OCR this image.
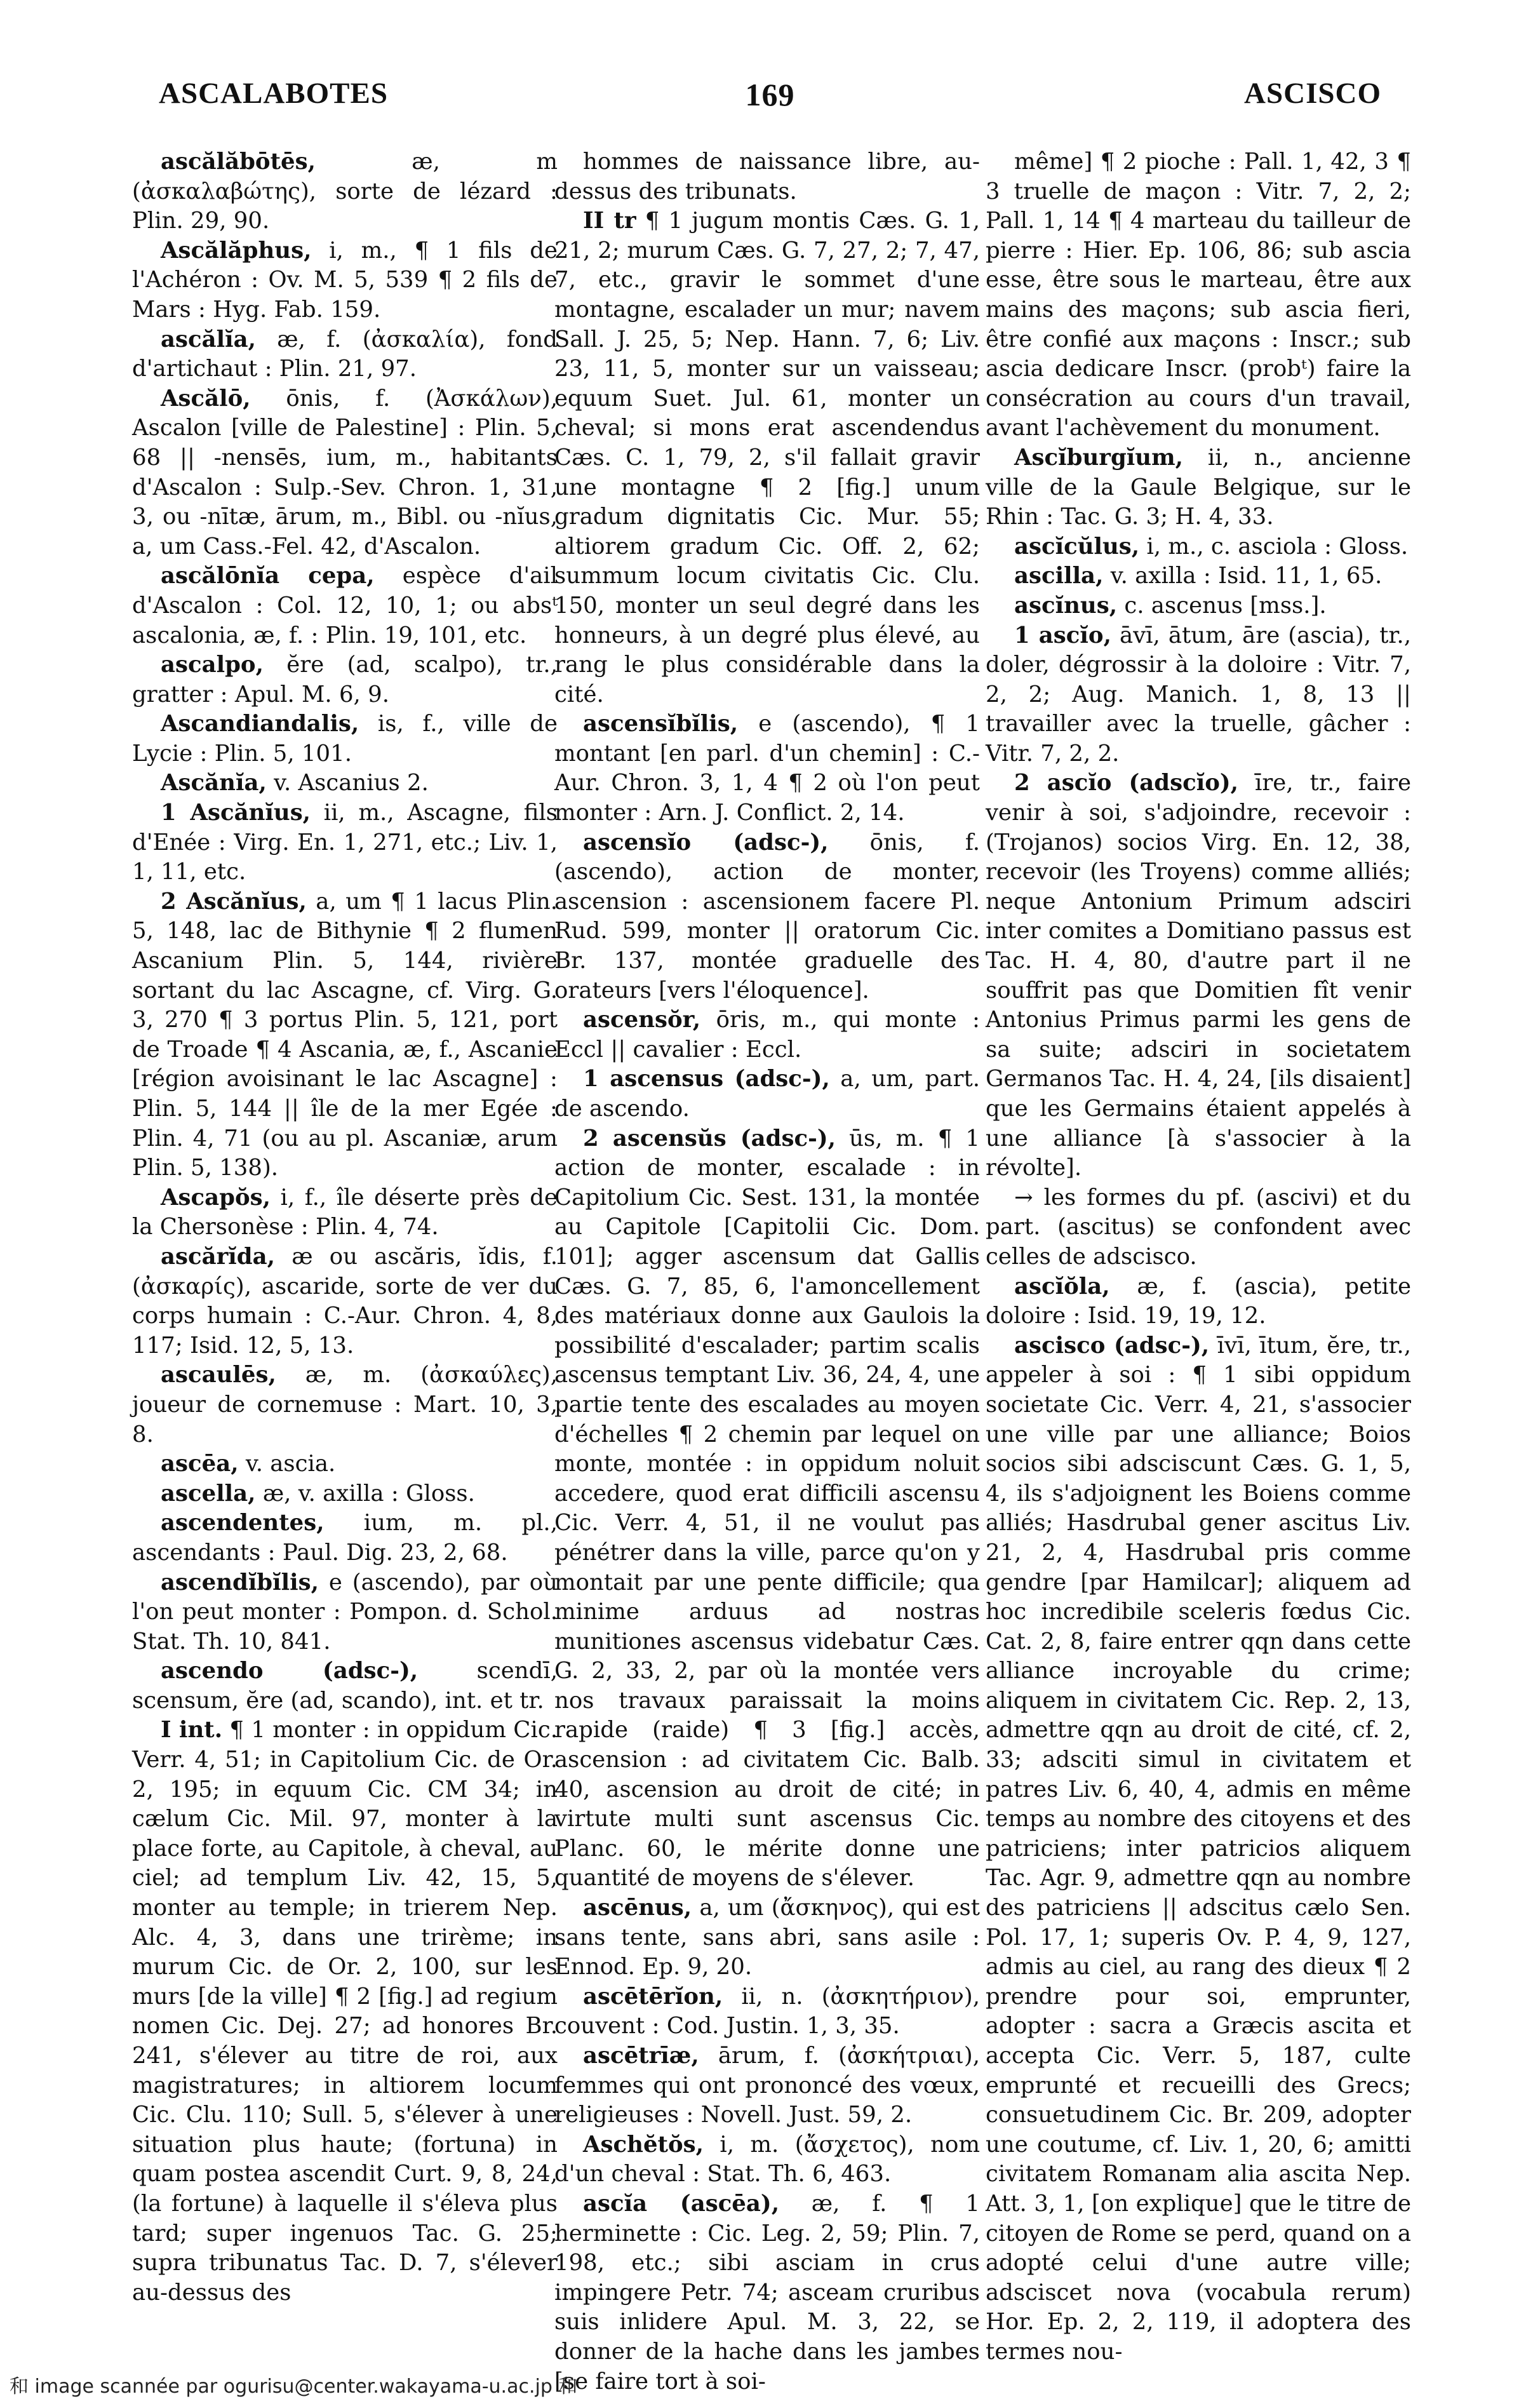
ASCALABOTES	169	ASCISCO

ascălăbōtēs, æ, m (ἀσκαλαβώτης), sorte de lézard : Plin. 29, 90.

Ascălăphus, i, m., ¶ 1 fils de l'Achéron : Ov. M. 5, 539 ¶ 2 fils de Mars : Hyg. Fab. 159.

ascălĭa, æ, f. (ἀσκαλία), fond d'artichaut : Plin. 21, 97.

Ascălō, ōnis, f. (Ἀσκάλων), Ascalon [ville de Palestine] : Plin. 5, 68 || -nensēs, ium, m., habitants d'Ascalon : Sulp.-Sev. Chron. 1, 31, 3, ou -nītæ, ārum, m., Bibl. ou -nĭus, a, um Cass.-Fel. 42, d'Ascalon.

ascălōnĭa cepa, espèce d'ail d'Ascalon : Col. 12, 10, 1; ou absᵗ ascalonia, æ, f. : Plin. 19, 101, etc.

ascalpo, ĕre (ad, scalpo), tr., gratter : Apul. M. 6, 9.

Ascandiandalis, is, f., ville de Lycie : Plin. 5, 101.

Ascănĭa, v. Ascanius 2.

1 Ascănĭus, ii, m., Ascagne, fils d'Enée : Virg. En. 1, 271, etc.; Liv. 1, 1, 11, etc.

2 Ascănĭus, a, um ¶ 1 lacus Plin. 5, 148, lac de Bithynie ¶ 2 flumen Ascanium Plin. 5, 144, rivière sortant du lac Ascagne, cf. Virg. G. 3, 270 ¶ 3 portus Plin. 5, 121, port de Troade ¶ 4 Ascania, æ, f., Ascanie [région avoisinant le lac Ascagne] : Plin. 5, 144 || île de la mer Egée : Plin. 4, 71 (ou au pl. Ascaniæ, arum Plin. 5, 138).

Ascapŏs, i, f., île déserte près de la Chersonèse : Plin. 4, 74.

ascărĭda, æ ou ascăris, ĭdis, f. (ἀσκαρίς), ascaride, sorte de ver du corps humain : C.-Aur. Chron. 4, 8, 117; Isid. 12, 5, 13.

ascaulēs, æ, m. (ἀσκαύλες), joueur de cornemuse : Mart. 10, 3, 8.

ascēa, v. ascia.

ascella, æ, v. axilla : Gloss.

ascendentes, ium, m. pl., ascendants : Paul. Dig. 23, 2, 68.

ascendĭbĭlis, e (ascendo), par où l'on peut monter : Pompon. d. Schol. Stat. Th. 10, 841.

ascendo (adsc-), scendī, scensum, ĕre (ad, scando), int. et tr.

I int. ¶ 1 monter : in oppidum Cic. Verr. 4, 51; in Capitolium Cic. de Or. 2, 195; in equum Cic. CM 34; in cælum Cic. Mil. 97, monter à la place forte, au Capitole, à cheval, au ciel; ad templum Liv. 42, 15, 5, monter au temple; in trierem Nep. Alc. 4, 3, dans une trirème; in murum Cic. de Or. 2, 100, sur les murs [de la ville] ¶ 2 [fig.] ad regium nomen Cic. Dej. 27; ad honores Br. 241, s'élever au titre de roi, aux magistratures; in altiorem locum Cic. Clu. 110; Sull. 5, s'élever à une situation plus haute; (fortuna) in quam postea ascendit Curt. 9, 8, 24, (la fortune) à laquelle il s'éleva plus tard; super ingenuos Tac. G. 25; supra tribunatus Tac. D. 7, s'élever au-dessus des

hommes de naissance libre, au-dessus des tribunats.

II tr ¶ 1 jugum montis Cæs. G. 1, 21, 2; murum Cæs. G. 7, 27, 2; 7, 47, 7, etc., gravir le sommet d'une montagne, escalader un mur; navem Sall. J. 25, 5; Nep. Hann. 7, 6; Liv. 23, 11, 5, monter sur un vaisseau; equum Suet. Jul. 61, monter un cheval; si mons erat ascendendus Cæs. C. 1, 79, 2, s'il fallait gravir une montagne ¶ 2 [fig.] unum gradum dignitatis Cic. Mur. 55; altiorem gradum Cic. Off. 2, 62; summum locum civitatis Cic. Clu. 150, monter un seul degré dans les honneurs, à un degré plus élevé, au rang le plus considérable dans la cité.

ascensĭbĭlis, e (ascendo), ¶ 1 montant [en parl. d'un chemin] : C.-Aur. Chron. 3, 1, 4 ¶ 2 où l'on peut monter : Arn. J. Conflict. 2, 14.

ascensĭo (adsc-), ōnis, f. (ascendo), action de monter, ascension : ascensionem facere Pl. Rud. 599, monter || oratorum Cic. Br. 137, montée graduelle des orateurs [vers l'éloquence].

ascensŏr, ōris, m., qui monte : Eccl || cavalier : Eccl.

1 ascensus (adsc-), a, um, part. de ascendo.

2 ascensŭs (adsc-), ūs, m. ¶ 1 action de monter, escalade : in Capitolium Cic. Sest. 131, la montée au Capitole [Capitolii Cic. Dom. 101]; agger ascensum dat Gallis Cæs. G. 7, 85, 6, l'amoncellement des matériaux donne aux Gaulois la possibilité d'escalader; partim scalis ascensus temptant Liv. 36, 24, 4, une partie tente des escalades au moyen d'échelles ¶ 2 chemin par lequel on monte, montée : in oppidum noluit accedere, quod erat difficili ascensu Cic. Verr. 4, 51, il ne voulut pas pénétrer dans la ville, parce qu'on y montait par une pente difficile; qua minime arduus ad nostras munitiones ascensus videbatur Cæs. G. 2, 33, 2, par où la montée vers nos travaux paraissait la moins rapide (raide) ¶ 3 [fig.] accès, ascension : ad civitatem Cic. Balb. 40, ascension au droit de cité; in virtute multi sunt ascensus Cic. Planc. 60, le mérite donne une quantité de moyens de s'élever.

ascēnus, a, um (ἄσκηνος), qui est sans tente, sans abri, sans asile : Ennod. Ep. 9, 20.

ascētērĭon, ii, n. (ἀσκητήριον), couvent : Cod. Justin. 1, 3, 35.

ascētrīæ, ārum, f. (ἀσκήτριαι), femmes qui ont prononcé des vœux, religieuses : Novell. Just. 59, 2.

Aschĕtŏs, i, m. (ἄσχετος), nom d'un cheval : Stat. Th. 6, 463.

ascĭa (ascēa), æ, f. ¶ 1 herminette : Cic. Leg. 2, 59; Plin. 7, 198, etc.; sibi asciam in crus impingere Petr. 74; asceam cruribus suis inlidere Apul. M. 3, 22, se donner de la hache dans les jambes [se faire tort à soi-

même] ¶ 2 pioche : Pall. 1, 42, 3 ¶ 3 truelle de maçon : Vitr. 7, 2, 2; Pall. 1, 14 ¶ 4 marteau du tailleur de pierre : Hier. Ep. 106, 86; sub ascia esse, être sous le marteau, être aux mains des maçons; sub ascia fieri, être confié aux maçons : Inscr.; sub ascia dedicare Inscr. (probᵗ) faire la consécration au cours d'un travail, avant l'achèvement du monument.

Ascĭburgĭum, ii, n., ancienne ville de la Gaule Belgique, sur le Rhin : Tac. G. 3; H. 4, 33.

ascĭcŭlus, i, m., c. asciola : Gloss.

ascilla, v. axilla : Isid. 11, 1, 65.

ascĭnus, c. ascenus [mss.].

1 ascĭo, āvī, ātum, āre (ascia), tr., doler, dégrossir à la doloire : Vitr. 7, 2, 2; Aug. Manich. 1, 8, 13 || travailler avec la truelle, gâcher : Vitr. 7, 2, 2.

2 ascĭo (adscĭo), īre, tr., faire venir à soi, s'adjoindre, recevoir : (Trojanos) socios Virg. En. 12, 38, recevoir (les Troyens) comme alliés; neque Antonium Primum adsciri inter comites a Domitiano passus est Tac. H. 4, 80, d'autre part il ne souffrit pas que Domitien fît venir Antonius Primus parmi les gens de sa suite; adsciri in societatem Germanos Tac. H. 4, 24, [ils disaient] que les Germains étaient appelés à une alliance [à s'associer à la révolte].

→ les formes du pf. (ascivi) et du part. (ascitus) se confondent avec celles de adscisco.

ascĭŏla, æ, f. (ascia), petite doloire : Isid. 19, 19, 12.

ascisco (adsc-), īvī, ītum, ĕre, tr., appeler à soi : ¶ 1 sibi oppidum societate Cic. Verr. 4, 21, s'associer une ville par une alliance; Boios socios sibi adsciscunt Cæs. G. 1, 5, 4, ils s'adjoignent les Boiens comme alliés; Hasdrubal gener ascitus Liv. 21, 2, 4, Hasdrubal pris comme gendre [par Hamilcar]; aliquem ad hoc incredibile sceleris fœdus Cic. Cat. 2, 8, faire entrer qqn dans cette alliance incroyable du crime; aliquem in civitatem Cic. Rep. 2, 13, admettre qqn au droit de cité, cf. 2, 33; adsciti simul in civitatem et patres Liv. 6, 40, 4, admis en même temps au nombre des citoyens et des patriciens; inter patricios aliquem Tac. Agr. 9, admettre qqn au nombre des patriciens || adscitus cælo Sen. Pol. 17, 1; superis Ov. P. 4, 9, 127, admis au ciel, au rang des dieux ¶ 2 prendre pour soi, emprunter, adopter : sacra a Græcis ascita et accepta Cic. Verr. 5, 187, culte emprunté et recueilli des Grecs; consuetudinem Cic. Br. 209, adopter une coutume, cf. Liv. 1, 20, 6; amitti civitatem Romanam alia ascita Nep. Att. 3, 1, [on explique] que le titre de citoyen de Rome se perd, quand on a adopté celui d'une autre ville; adsciscet nova (vocabula rerum) Hor. Ep. 2, 2, 119, il adoptera des termes nou-

和 image scannée par ogurisu@center.wakayama-u.ac.jp 和
